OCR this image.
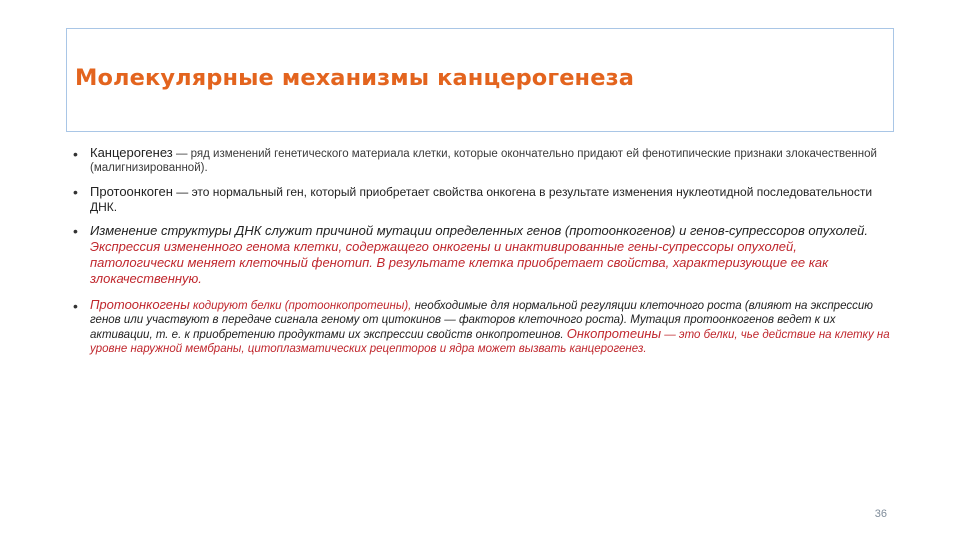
Молекулярные механизмы канцерогенеза

• Канцерогенез — ряд изменений генетического материала клетки, которые окончательно придают ей фенотипические признаки злокачественной (малигнизированной).

• Протоонкоген — это нормальный ген, который приобретает свойства онкогена в результате изменения нуклеотидной последовательности ДНК.

• Изменение структуры ДНК служит причиной мутации определенных генов (протоонкогенов) и генов-супрессоров опухолей. Экспрессия измененного генома клетки, содержащего онкогены и инактивированные гены-супрессоры опухолей, патологически меняет клеточный фенотип. В результате клетка приобретает свойства, характеризующие ее как злокачественную.

• Протоонкогены кодируют белки (протоонкопротеины), необходимые для нормальной регуляции клеточного роста (влияют на экспрессию генов или участвуют в передаче сигнала геному от цитокинов — факторов клеточного роста). Мутация протоонкогенов ведет к их активации, т. е. к приобретению продуктами их экспрессии свойств онкопротеинов. Онкопротеины — это белки, чье действие на клетку на уровне наружной мембраны, цитоплазматических рецепторов и ядра может вызвать канцерогенез.

36
